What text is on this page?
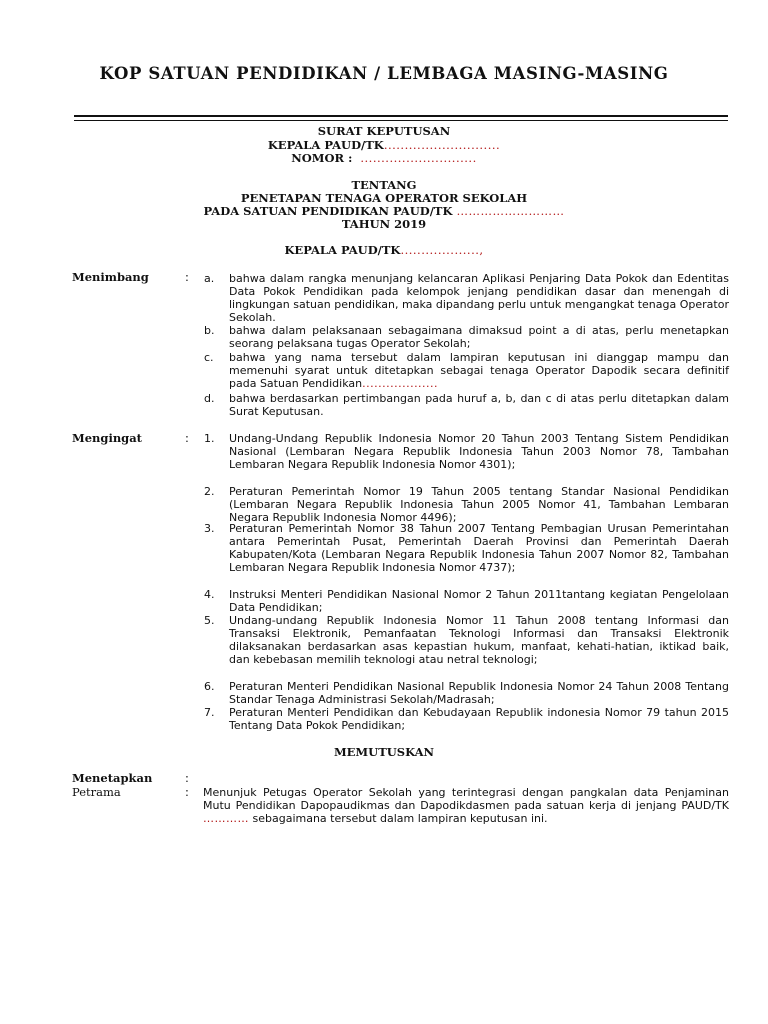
KOP SATUAN PENDIDIKAN / LEMBAGA MASING-MASING
SURAT KEPUTUSAN
KEPALA PAUD/TK............................
NOMOR : ............................
TENTANG
PENETAPAN TENAGA OPERATOR SEKOLAH
PADA SATUAN PENDIDIKAN PAUD/TK ………………………
TAHUN 2019
KEPALA PAUD/TK...................,
Menimbang	: a. bahwa dalam rangka menunjang kelancaran Aplikasi Penjaring Data Pokok dan Edentitas Data Pokok Pendidikan pada kelompok jenjang pendidikan dasar dan menengah di lingkungan satuan pendidikan, maka dipandang perlu untuk mengangkat tenaga Operator Sekolah.
b. bahwa dalam pelaksanaan sebagaimana dimaksud point a di atas, perlu menetapkan seorang pelaksana tugas Operator Sekolah;
c. bahwa yang nama tersebut dalam lampiran keputusan ini dianggap mampu dan memenuhi syarat untuk ditetapkan sebagai tenaga Operator Dapodik secara definitif pada Satuan Pendidikan...................
d. bahwa berdasarkan pertimbangan pada huruf a, b, dan c di atas perlu ditetapkan dalam Surat Keputusan.
Mengingat	: 1. Undang-Undang Republik Indonesia Nomor 20 Tahun 2003 Tentang Sistem Pendidikan Nasional (Lembaran Negara Republik Indonesia Tahun 2003 Nomor 78, Tambahan Lembaran Negara Republik Indonesia Nomor 4301);
2. Peraturan Pemerintah Nomor 19 Tahun 2005 tentang Standar Nasional Pendidikan (Lembaran Negara Republik Indonesia Tahun 2005 Nomor 41, Tambahan Lembaran Negara Republik Indonesia Nomor 4496);
3. Peraturan Pemerintah Nomor 38 Tahun 2007 Tentang Pembagian Urusan Pemerintahan antara Pemerintah Pusat, Pemerintah Daerah Provinsi dan Pemerintah Daerah Kabupaten/Kota (Lembaran Negara Republik Indonesia Tahun 2007 Nomor 82, Tambahan Lembaran Negara Republik Indonesia Nomor 4737);
4. Instruksi Menteri Pendidikan Nasional Nomor 2 Tahun 2011tantang kegiatan Pengelolaan Data Pendidikan;
5. Undang-undang Republik Indonesia Nomor 11 Tahun 2008 tentang Informasi dan Transaksi Elektronik, Pemanfaatan Teknologi Informasi dan Transaksi Elektronik dilaksanakan berdasarkan asas kepastian hukum, manfaat, kehati-hatian, iktikad baik, dan kebebasan memilih teknologi atau netral teknologi;
6. Peraturan Menteri Pendidikan Nasional Republik Indonesia Nomor 24 Tahun 2008 Tentang Standar Tenaga Administrasi Sekolah/Madrasah;
7. Peraturan Menteri Pendidikan dan Kebudayaan Republik indonesia Nomor 79 tahun 2015 Tentang Data Pokok Pendidikan;
MEMUTUSKAN
Menetapkan	:
Petrama	: Menunjuk Petugas Operator Sekolah yang terintegrasi dengan pangkalan data Penjaminan Mutu Pendidikan Dapopaudikmas dan Dapodikdasmen pada satuan kerja di jenjang PAUD/TK ………… sebagaimana tersebut dalam lampiran keputusan ini.
